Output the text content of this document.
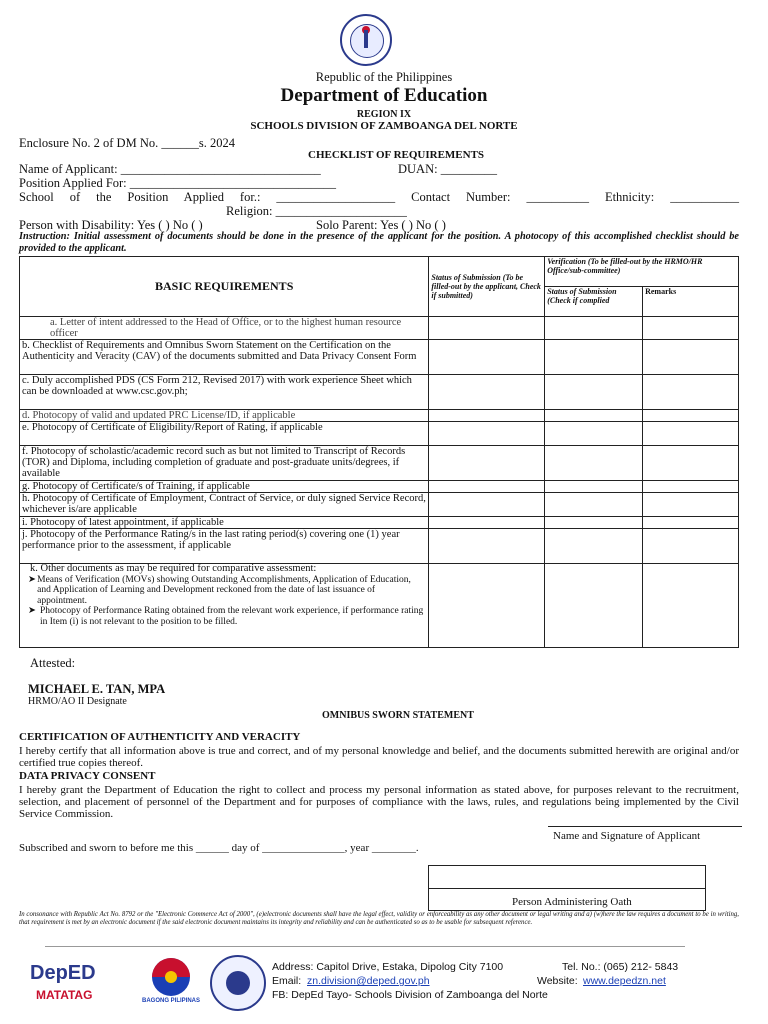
Republic of the Philippines
Department of Education
REGION IX
SCHOOLS DIVISION OF ZAMBOANGA DEL NORTE
Enclosure No. 2 of DM No. ______s. 2024
CHECKLIST OF REQUIREMENTS
Name of Applicant: ________________________________	DUAN: _________
Position Applied For: _________________________________
School of the Position Applied for.: ___________________ Contact Number: __________ Ethnicity: ___________
Religion: _____________________
Person with Disability: Yes ( ) No ( )	Solo Parent: Yes ( ) No ( )
Instruction: Initial assessment of documents should be done in the presence of the applicant for the position. A photocopy of this accomplished checklist should be provided to the applicant.
BASIC REQUIREMENTS	Status of Submission (To be filled-out by the applicant, Check if submitted)	Verification (To be filled-out by the HRMO/HR Office/sub-committee)	
		Status of Submission (Check if complied	Remarks
a. Letter of intent addressed to the Head of Office, or to the highest human resource officer			
b. Checklist of Requirements and Omnibus Sworn Statement on the Certification on the Authenticity and Veracity (CAV) of the documents submitted and Data Privacy Consent Form			
c. Duly accomplished PDS (CS Form 212, Revised 2017) with work experience Sheet which can be downloaded at www.csc.gov.ph;			
d. Photocopy of valid and updated PRC License/ID, if applicable			
e. Photocopy of Certificate of Eligibility/Report of Rating, if applicable			
f. Photocopy of scholastic/academic record such as but not limited to Transcript of Records (TOR) and Diploma, including completion of graduate and post-graduate units/degrees, if available			
g. Photocopy of Certificate/s of Training, if applicable			
h. Photocopy of Certificate of Employment, Contract of Service, or duly signed Service Record, whichever is/are applicable			
i. Photocopy of latest appointment, if applicable			
j. Photocopy of the Performance Rating/s in the last rating period(s) covering one (1) year performance prior to the assessment, if applicable			

k. Other documents as may be required for comparative assessment:
➤ Means of Verification (MOVs) showing Outstanding Accomplishments, Application of Education, and Application of Learning and Development reckoned from the date of last issuance of appointment.
➤ Photocopy of Performance Rating obtained from the relevant work experience, if performance rating in Item (i) is not relevant to the position to be filled.			

Attested:
MICHAEL E. TAN, MPA
HRMO/AO II Designate
OMNIBUS SWORN STATEMENT
CERTIFICATION OF AUTHENTICITY AND VERACITY
I hereby certify that all information above is true and correct, and of my personal knowledge and belief, and the documents submitted herewith are original and/or certified true copies thereof.
DATA PRIVACY CONSENT
I hereby grant the Department of Education the right to collect and process my personal information as stated above, for purposes relevant to the recruitment, selection, and placement of personnel of the Department and for purposes of compliance with the laws, rules, and regulations being implemented by the Civil Service Commission.
Name and Signature of Applicant
Subscribed and sworn to before me this ______ day of _______________, year ________.
Person Administering Oath
In consonance with Republic Act No. 8792 or the "Electronic Commerce Act of 2000", (e)electronic documents shall have the legal effect, validity or enforceability as any other document or legal writing and a) (w)here the law requires a document to be in writing, that requirement is met by an electronic document if the said electronic document maintains its integrity and reliability and can be authenticated so as to be usable for subsequent reference.
DepED
MATATAG	BAGONG PILIPINAS
Address: Capitol Drive, Estaka, Dipolog City 7100	Tel. No.: (065) 212- 5843
Email: zn.division@deped.gov.ph	Website: www.depedzn.net
FB: DepEd Tayo- Schools Division of Zamboanga del Norte
